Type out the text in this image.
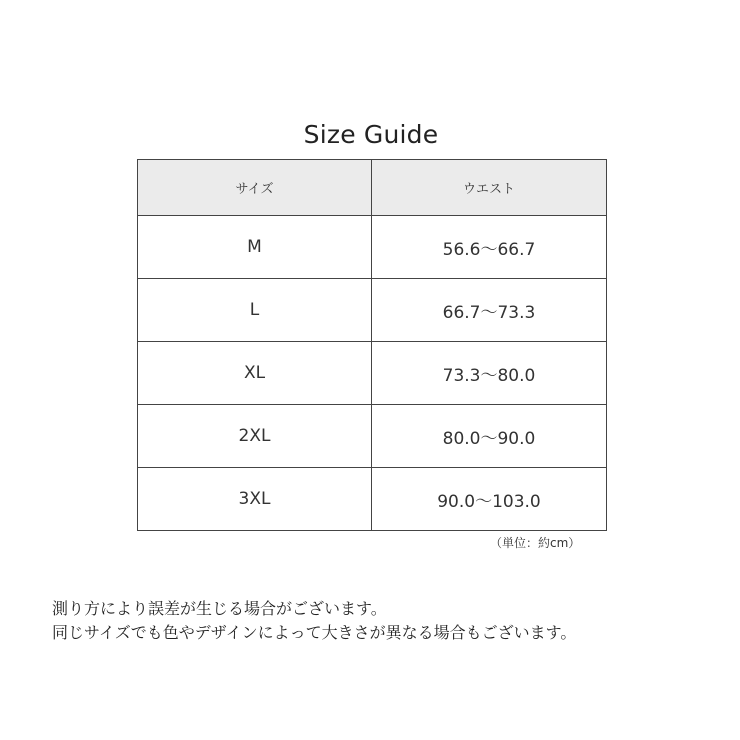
Size Guide
サイズ	ウエスト
M	56.6～66.7
L	66.7～73.3
XL	73.3～80.0
2XL	80.0～90.0
3XL	90.0～103.0
（単位：約cm）
測り方により誤差が生じる場合がございます。
同じサイズでも色やデザインによって大きさが異なる場合もございます。
